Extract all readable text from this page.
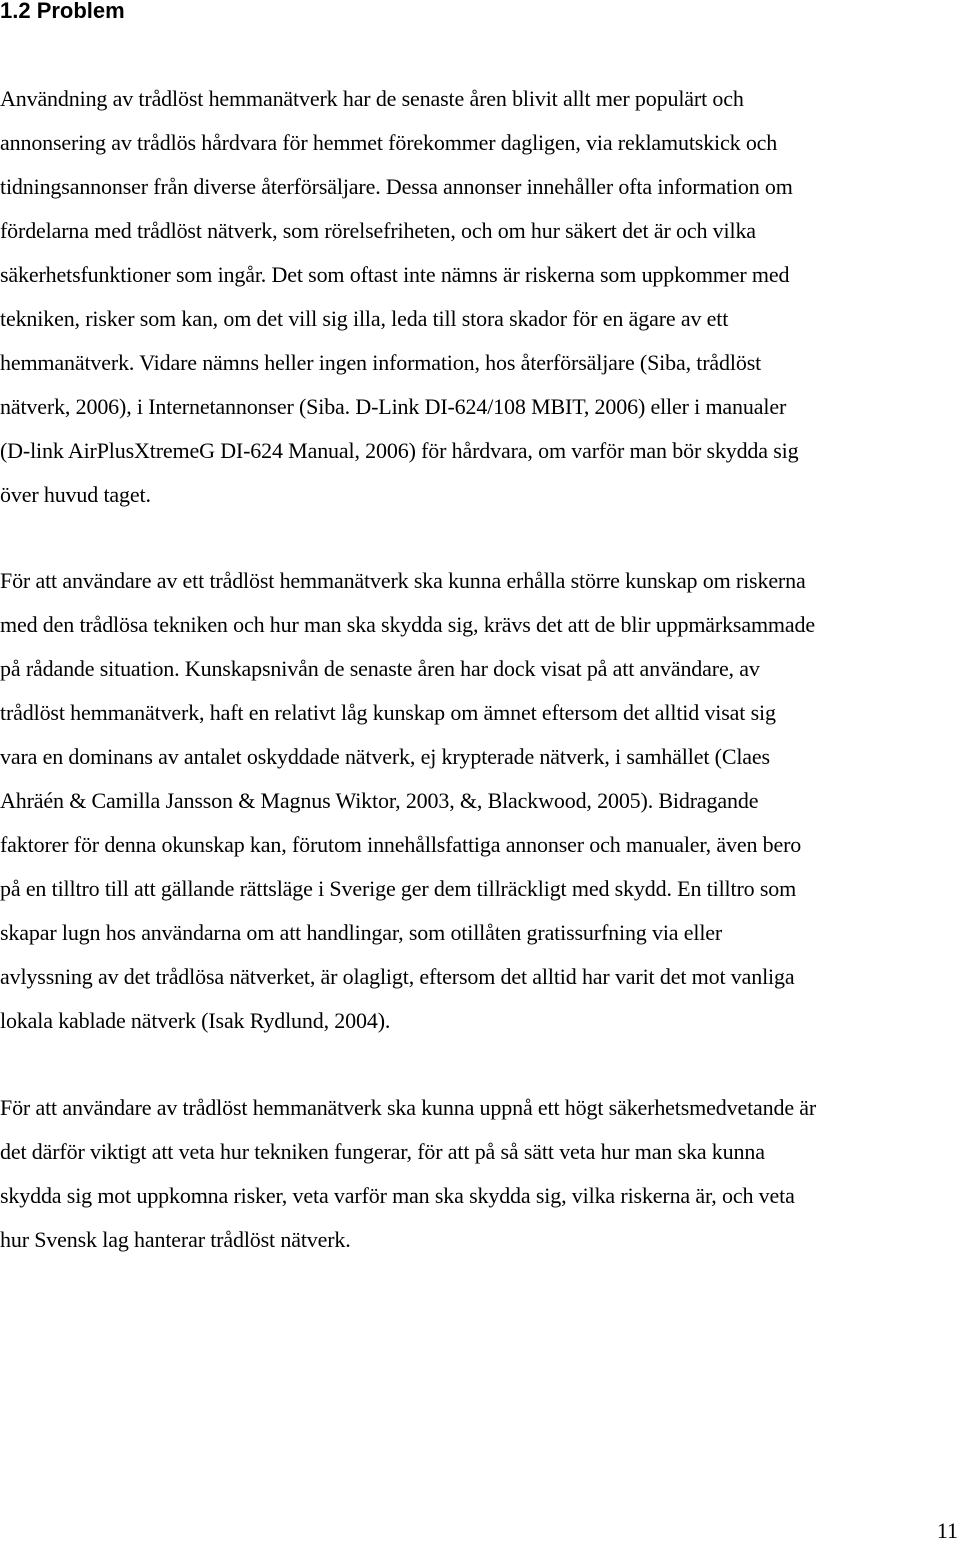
1.2 Problem
Användning av trådlöst hemmanätverk har de senaste åren blivit allt mer populärt och
annonsering av trådlös hårdvara för hemmet förekommer dagligen, via reklamutskick och
tidningsannonser från diverse återförsäljare. Dessa annonser innehåller ofta information om
fördelarna med trådlöst nätverk, som rörelsefriheten, och om hur säkert det är och vilka
säkerhetsfunktioner som ingår. Det som oftast inte nämns är riskerna som uppkommer med
tekniken, risker som kan, om det vill sig illa, leda till stora skador för en ägare av ett
hemmanätverk. Vidare nämns heller ingen information, hos återförsäljare (Siba, trådlöst
nätverk, 2006), i Internetannonser (Siba. D-Link DI-624/108 MBIT, 2006) eller i manualer
(D-link AirPlusXtremeG DI-624 Manual, 2006) för hårdvara, om varför man bör skydda sig
över huvud taget.
För att användare av ett trådlöst hemmanätverk ska kunna erhålla större kunskap om riskerna
med den trådlösa tekniken och hur man ska skydda sig, krävs det att de blir uppmärksammade
på rådande situation. Kunskapsnivån de senaste åren har dock visat på att användare, av
trådlöst hemmanätverk, haft en relativt låg kunskap om ämnet eftersom det alltid visat sig
vara en dominans av antalet oskyddade nätverk, ej krypterade nätverk, i samhället (Claes
Ahräén & Camilla Jansson & Magnus Wiktor, 2003, &, Blackwood, 2005). Bidragande
faktorer för denna okunskap kan, förutom innehållsfattiga annonser och manualer, även bero
på en tilltro till att gällande rättsläge i Sverige ger dem tillräckligt med skydd. En tilltro som
skapar lugn hos användarna om att handlingar, som otillåten gratissurfning via eller
avlyssning av det trådlösa nätverket, är olagligt, eftersom det alltid har varit det mot vanliga
lokala kablade nätverk (Isak Rydlund, 2004).
För att användare av trådlöst hemmanätverk ska kunna uppnå ett högt säkerhetsmedvetande är
det därför viktigt att veta hur tekniken fungerar, för att på så sätt veta hur man ska kunna
skydda sig mot uppkomna risker, veta varför man ska skydda sig, vilka riskerna är, och veta
hur Svensk lag hanterar trådlöst nätverk.
11
